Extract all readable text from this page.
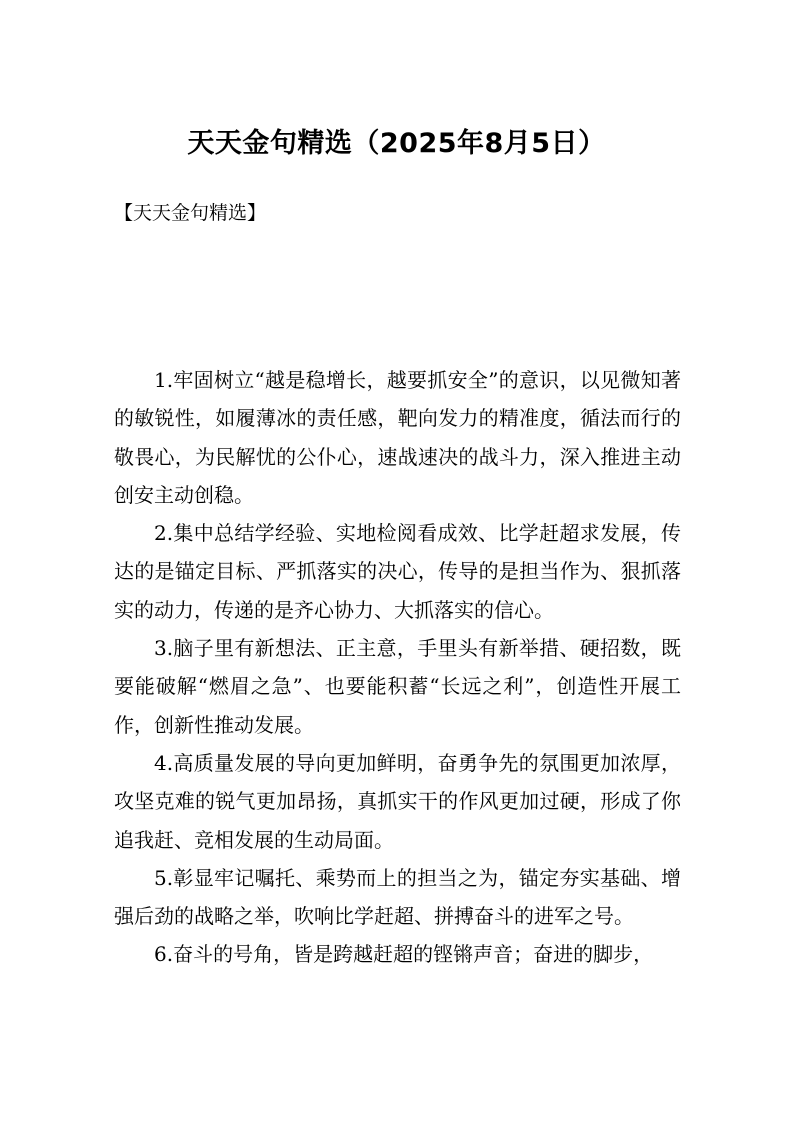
天天金句精选（2025年8月5日）
【天天金句精选】

1.牢固树立“越是稳增长，越要抓安全”的意识，以见微知著的敏锐性，如履薄冰的责任感，靶向发力的精准度，循法而行的敬畏心，为民解忧的公仆心，速战速决的战斗力，深入推进主动创安主动创稳。

2.集中总结学经验、实地检阅看成效、比学赶超求发展，传达的是锚定目标、严抓落实的决心，传导的是担当作为、狠抓落实的动力，传递的是齐心协力、大抓落实的信心。

3.脑子里有新想法、正主意，手里头有新举措、硬招数，既要能破解“燃眉之急”、也要能积蓄“长远之利”，创造性开展工作，创新性推动发展。

4.高质量发展的导向更加鲜明，奋勇争先的氛围更加浓厚，攻坚克难的锐气更加昂扬，真抓实干的作风更加过硬，形成了你追我赶、竞相发展的生动局面。

5.彰显牢记嘱托、乘势而上的担当之为，锚定夯实基础、增强后劲的战略之举，吹响比学赶超、拼搏奋斗的进军之号。

6.奋斗的号角，皆是跨越赶超的铿锵声音；奋进的脚步，
